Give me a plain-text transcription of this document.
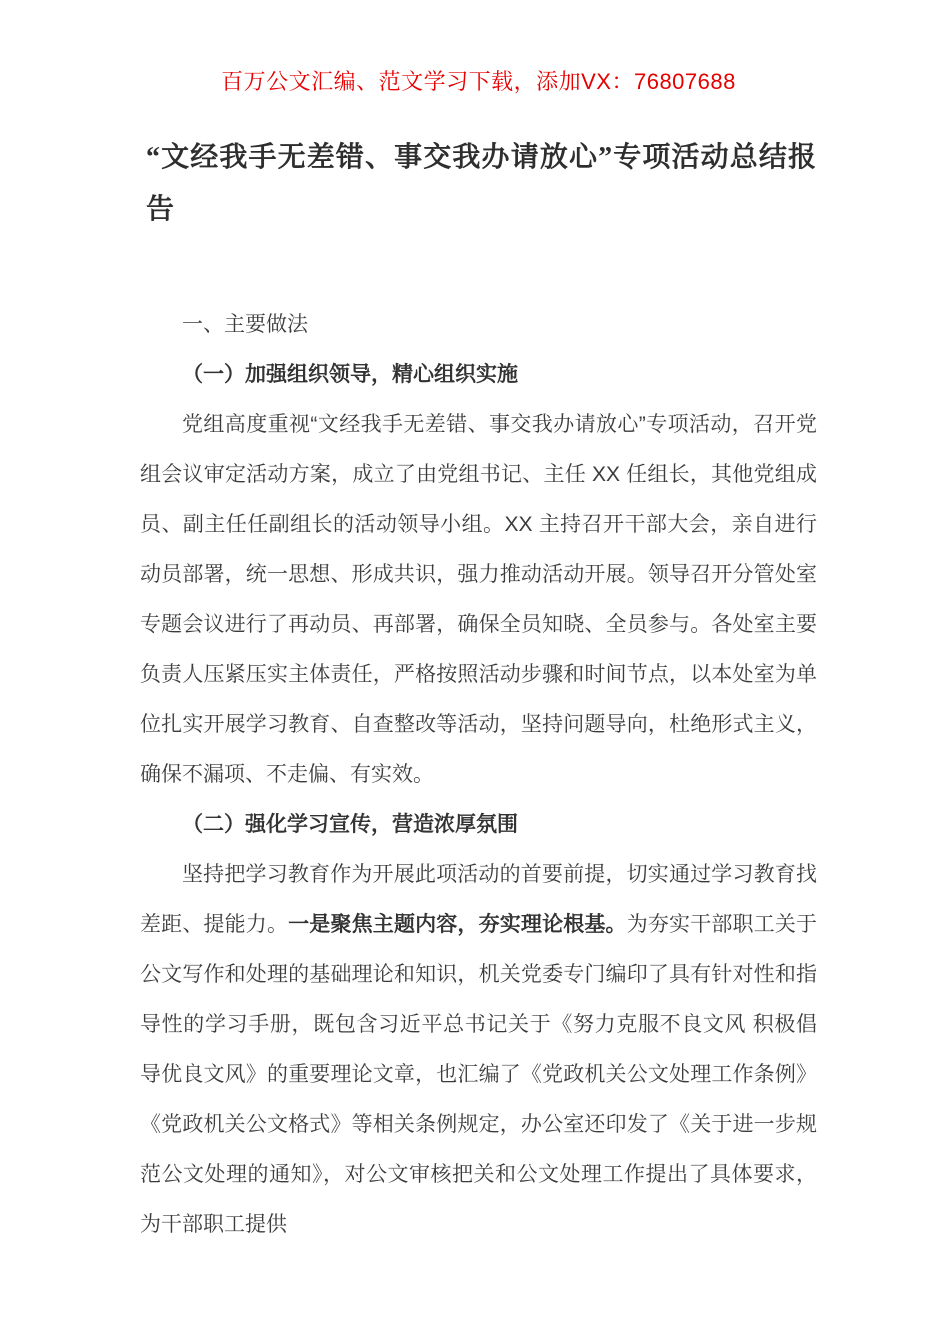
百万公文汇编、范文学习下载，添加VX：76807688
“文经我手无差错、事交我办请放心”专项活动总结报告

一、主要做法

（一）加强组织领导，精心组织实施

党组高度重视“文经我手无差错、事交我办请放心”专项活动，召开党组会议审定活动方案，成立了由党组书记、主任 XX 任组长，其他党组成员、副主任任副组长的活动领导小组。XX 主持召开干部大会，亲自进行动员部署，统一思想、形成共识，强力推动活动开展。领导召开分管处室专题会议进行了再动员、再部署，确保全员知晓、全员参与。各处室主要负责人压紧压实主体责任，严格按照活动步骤和时间节点，以本处室为单位扎实开展学习教育、自查整改等活动，坚持问题导向，杜绝形式主义，确保不漏项、不走偏、有实效。

（二）强化学习宣传，营造浓厚氛围

坚持把学习教育作为开展此项活动的首要前提，切实通过学习教育找差距、提能力。一是聚焦主题内容，夯实理论根基。为夯实干部职工关于公文写作和处理的基础理论和知识，机关党委专门编印了具有针对性和指导性的学习手册，既包含习近平总书记关于《努力克服不良文风 积极倡导优良文风》的重要理论文章，也汇编了《党政机关公文处理工作条例》《党政机关公文格式》等相关条例规定，办公室还印发了《关于进一步规范公文处理的通知》，对公文审核把关和公文处理工作提出了具体要求，为干部职工提供
